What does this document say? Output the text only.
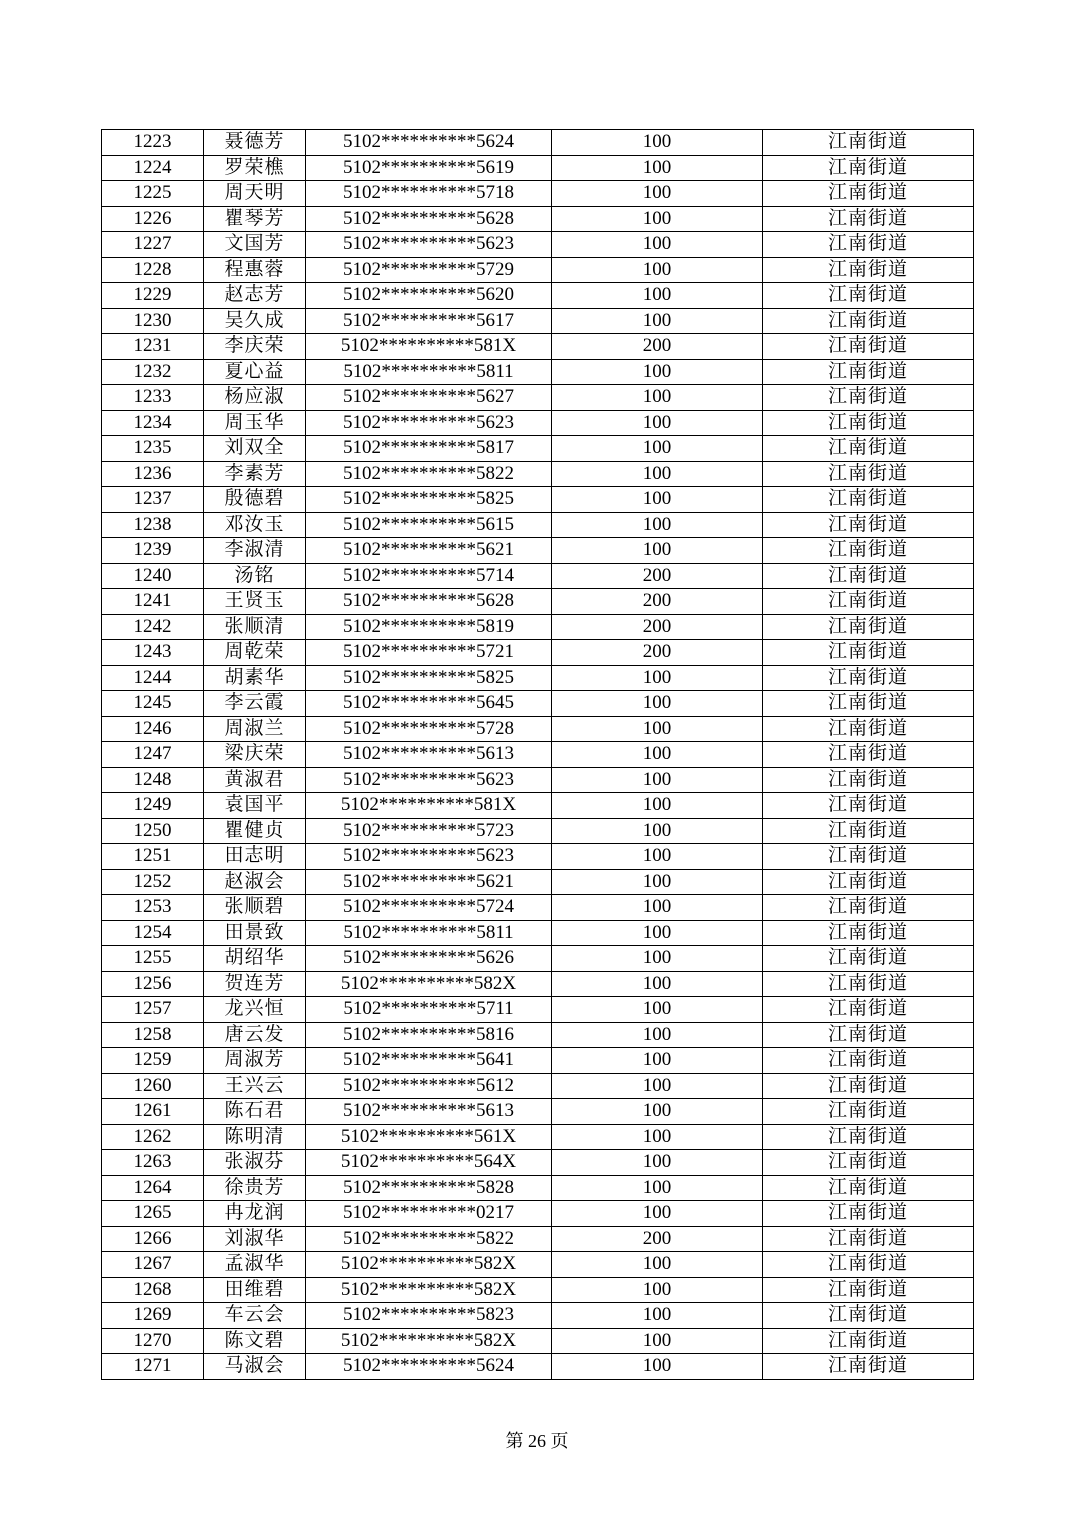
1223	聂德芳	5102**********5624	100	江南街道
1224	罗荣樵	5102**********5619	100	江南街道
1225	周天明	5102**********5718	100	江南街道
1226	瞿琴芳	5102**********5628	100	江南街道
1227	文国芳	5102**********5623	100	江南街道
1228	程惠蓉	5102**********5729	100	江南街道
1229	赵志芳	5102**********5620	100	江南街道
1230	吴久成	5102**********5617	100	江南街道
1231	李庆荣	5102**********581X	200	江南街道
1232	夏心益	5102**********5811	100	江南街道
1233	杨应淑	5102**********5627	100	江南街道
1234	周玉华	5102**********5623	100	江南街道
1235	刘双全	5102**********5817	100	江南街道
1236	李素芳	5102**********5822	100	江南街道
1237	殷德碧	5102**********5825	100	江南街道
1238	邓汝玉	5102**********5615	100	江南街道
1239	李淑清	5102**********5621	100	江南街道
1240	汤铭	5102**********5714	200	江南街道
1241	王贤玉	5102**********5628	200	江南街道
1242	张顺清	5102**********5819	200	江南街道
1243	周乾荣	5102**********5721	200	江南街道
1244	胡素华	5102**********5825	100	江南街道
1245	李云霞	5102**********5645	100	江南街道
1246	周淑兰	5102**********5728	100	江南街道
1247	梁庆荣	5102**********5613	100	江南街道
1248	黄淑君	5102**********5623	100	江南街道
1249	袁国平	5102**********581X	100	江南街道
1250	瞿健贞	5102**********5723	100	江南街道
1251	田志明	5102**********5623	100	江南街道
1252	赵淑会	5102**********5621	100	江南街道
1253	张顺碧	5102**********5724	100	江南街道
1254	田景致	5102**********5811	100	江南街道
1255	胡绍华	5102**********5626	100	江南街道
1256	贺连芳	5102**********582X	100	江南街道
1257	龙兴恒	5102**********5711	100	江南街道
1258	唐云发	5102**********5816	100	江南街道
1259	周淑芳	5102**********5641	100	江南街道
1260	王兴云	5102**********5612	100	江南街道
1261	陈石君	5102**********5613	100	江南街道
1262	陈明清	5102**********561X	100	江南街道
1263	张淑芬	5102**********564X	100	江南街道
1264	徐贵芳	5102**********5828	100	江南街道
1265	冉龙润	5102**********0217	100	江南街道
1266	刘淑华	5102**********5822	200	江南街道
1267	孟淑华	5102**********582X	100	江南街道
1268	田维碧	5102**********582X	100	江南街道
1269	车云会	5102**********5823	100	江南街道
1270	陈文碧	5102**********582X	100	江南街道
1271	马淑会	5102**********5624	100	江南街道
第 26 页
